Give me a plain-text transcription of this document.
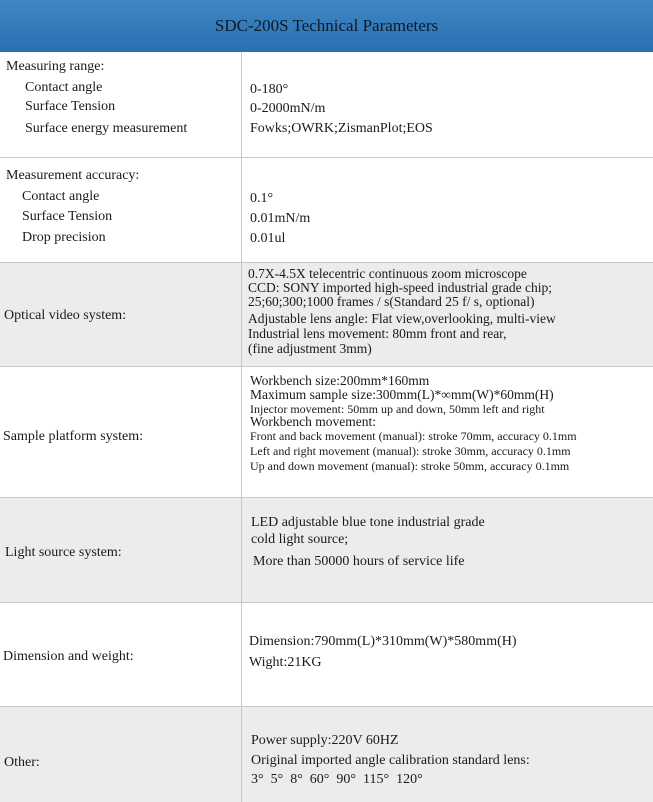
SDC-200S Technical Parameters
Measuring range:
Contact angle
Surface Tension
Surface energy measurement
0-180°
0-2000mN/m
Fowks;OWRK;ZismanPlot;EOS
Measurement accuracy:
Contact angle
Surface Tension
Drop precision
0.1°
0.01mN/m
0.01ul
Optical video system:
0.7X-4.5X telecentric continuous zoom microscope
CCD: SONY imported high-speed industrial grade chip;
25;60;300;1000 frames / s(Standard 25 f/ s, optional)
Adjustable lens angle: Flat view,overlooking, multi-view
Industrial lens movement: 80mm front and rear,
(fine adjustment 3mm)
Sample platform system:
Workbench size:200mm*160mm
Maximum sample size:300mm(L)*∞mm(W)*60mm(H)
Injector movement: 50mm up and down, 50mm left and right
Workbench movement:
Front and back movement (manual): stroke 70mm, accuracy 0.1mm
Left and right movement (manual): stroke 30mm, accuracy 0.1mm
Up and down movement (manual): stroke 50mm, accuracy 0.1mm
Light source system:
LED adjustable blue tone industrial grade
cold light source;
More than 50000 hours of service life
Dimension and weight:
Dimension:790mm(L)*310mm(W)*580mm(H)
Wight:21KG
Other:
Power supply:220V 60HZ
Original imported angle calibration standard lens:
3°  5°  8°  60°  90°  115°  120°
